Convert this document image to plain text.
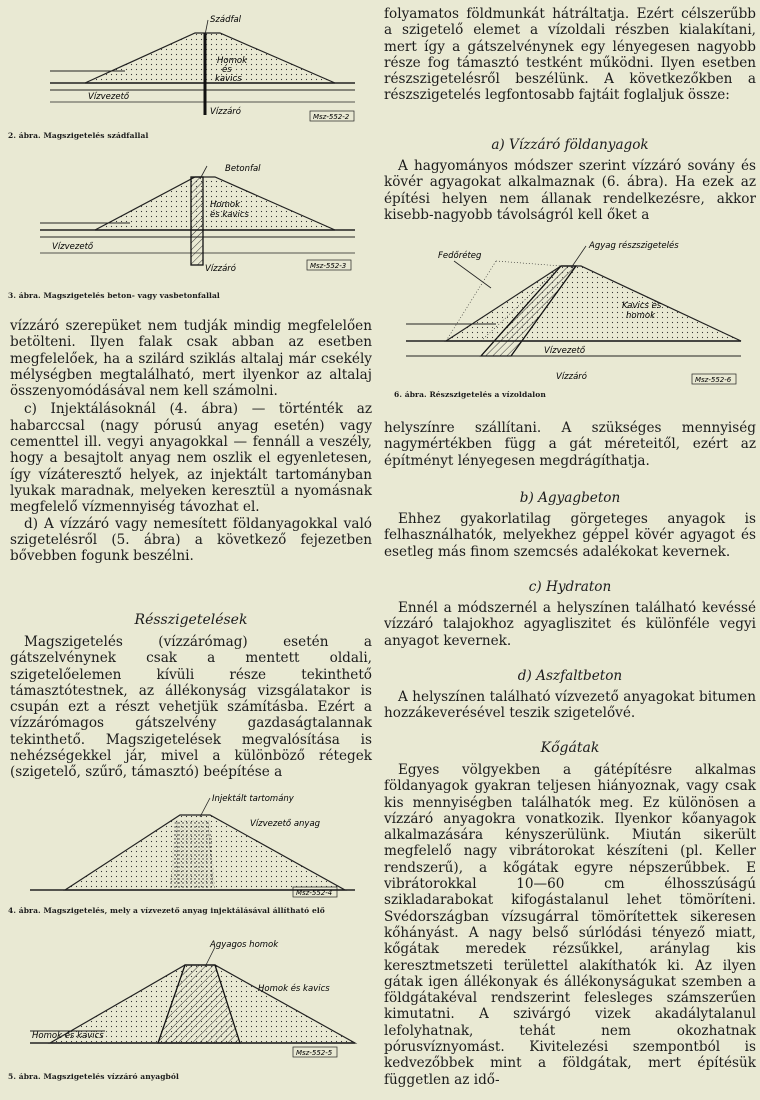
Szádfal
Homok
és
kavics
Vízvezető
Vízzáró	Msz-552-2
2. ábra. Magszigetelés szádfallal
Betonfal
Homok
és kavics
Vízvezető
Vízzáró	Msz-552-3
3. ábra. Magszigetelés beton- vagy vasbetonfallal

vízzáró szerepüket nem tudják mindig megfelelően betölteni. Ilyen falak csak abban az esetben megfelelőek, ha a szilárd sziklás altalaj már csekély mélységben megtalálható, mert ilyenkor az altalaj összenyomódásával nem kell számolni.

c) Injektálásoknál (4. ábra) — történték az habarccsal (nagy pórusú anyag esetén) vagy cementtel ill. vegyi anyagokkal — fennáll a veszély, hogy a besajtolt anyag nem oszlik el egyenletesen, így vízáteresztő helyek, az injektált tartományban lyukak maradnak, melyeken keresztül a nyomásnak megfelelő vízmennyiség távozhat el.

d) A vízzáró vagy nemesített földanyagokkal való szigetelésről (5. ábra) a következő fejezetben bővebben fogunk beszélni.

Résszigetelések

Magszigetelés (vízzárómag) esetén a gátszelvénynek csak a mentett oldali, szigetelőelemen kívüli része tekinthető támasztótestnek, az állékonyság vizsgálatakor is csupán ezt a részt vehetjük számításba. Ezért a vízzárómagos gátszelvény gazdaságtalannak tekinthető. Magszigetelések megvalósítása is nehézségekkel jár, mivel a különböző rétegek (szigetelő, szűrő, támasztó) beépítése a

Injektált tartomány
Vízvezető anyag
Msz-552-4
4. ábra. Magszigetelés, mely a vízvezető anyag injektálásával állítható elő
Agyagos homok
Homok és kavics
Homok és kavics
Msz-552-5
5. ábra. Magszigetelés vízzáró anyagból

folyamatos földmunkát hátráltatja. Ezért célszerűbb a szigetelő elemet a vízoldali részben kialakítani, mert így a gátszelvénynek egy lényegesen nagyobb része fog támasztó testként működni. Ilyen esetben részszigetelésről beszélünk. A következőkben a részszigetelés legfontosabb fajtáit foglaljuk össze:

a) Vízzáró földanyagok

A hagyományos módszer szerint vízzáró sovány és kövér agyagokat alkalmaznak (6. ábra). Ha ezek az építési helyen nem állanak rendelkezésre, akkor kisebb-nagyobb távolságról kell őket a

Agyag részszigetelés
Fedőréteg
Kavics és
homok
Vízvezető
Vízzáró	Msz-552-6
6. ábra. Részszigetelés a vízoldalon

helyszínre szállítani. A szükséges mennyiség nagymértékben függ a gát méreteitől, ezért az építményt lényegesen megdrágíthatja.

b) Agyagbeton

Ehhez gyakorlatilag görgeteges anyagok is felhasználhatók, melyekhez géppel kövér agyagot és esetleg más finom szemcsés adalékokat kevernek.

c) Hydraton

Ennél a módszernél a helyszínen található kevéssé vízzáró talajokhoz agyagliszitet és különféle vegyi anyagot kevernek.

d) Aszfaltbeton

A helyszínen található vízvezető anyagokat bitumen hozzákeverésével teszik szigetelővé.

Kőgátak

Egyes völgyekben a gátépítésre alkalmas földanyagok gyakran teljesen hiányoznak, vagy csak kis mennyiségben találhatók meg. Ez különösen a vízzáró anyagokra vonatkozik. Ilyenkor kőanyagok alkalmazására kényszerülünk. Miután sikerült megfelelő nagy vibrátorokat készíteni (pl. Keller rendszerű), a kőgátak egyre népszerűbbek. E vibrátorokkal 10—60 cm élhosszúságú szikladarabokat kifogástalanul lehet tömöríteni. Svédországban vízsugárral tömörítettek sikeresen kőhányást. A nagy belső súrlódási tényező miatt, kőgátak meredek rézsűkkel, aránylag kis keresztmetszeti területtel alakíthatók ki. Az ilyen gátak igen állékonyak és állékonyságukat szemben a földgátakéval rendszerint felesleges számszerűen kimutatni. A szivárgó vizek akadálytalanul lefolyhatnak, tehát nem okozhatnak pórusvíznyomást. Kivitelezési szempontból is kedvezőbbek mint a földgátak, mert építésük független az idő-
